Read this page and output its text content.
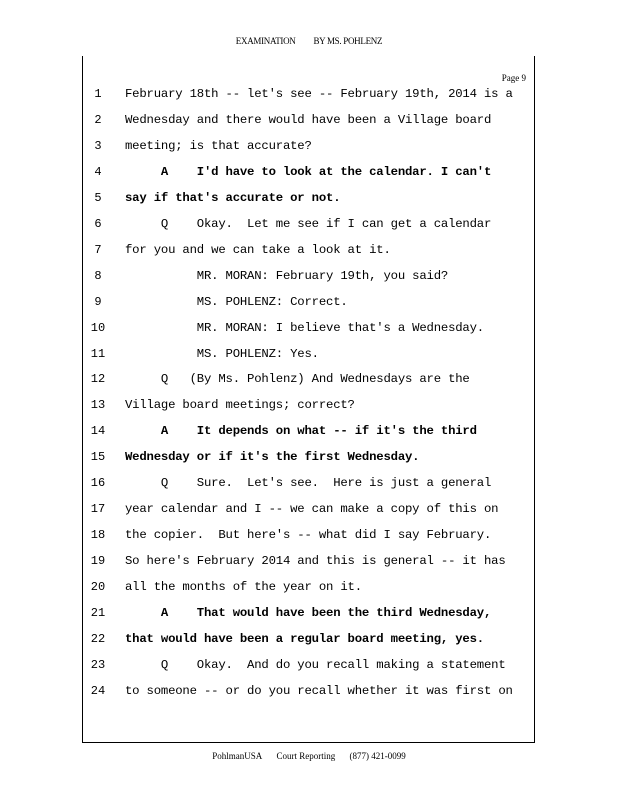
EXAMINATION BY MS. POHLENZ
Page 9
1	February 18th -- let's see -- February 19th, 2014 is a
2	Wednesday and there would have been a Village board
3	meeting; is that accurate?
4	A    I'd have to look at the calendar. I can't
5	say if that's accurate or not.
6	Q    Okay.  Let me see if I can get a calendar
7	for you and we can take a look at it.
8	MR. MORAN: February 19th, you said?
9	MS. POHLENZ: Correct.
10 MR. MORAN: I believe that's a Wednesday.
11 MS. POHLENZ: Yes.
12 Q   (By Ms. Pohlenz) And Wednesdays are the
13 Village board meetings; correct?
14 A    It depends on what -- if it's the third
15 Wednesday or if it's the first Wednesday.
16 Q    Sure.  Let's see.  Here is just a general
17 year calendar and I -- we can make a copy of this on
18 the copier.  But here's -- what did I say February.
19 So here's February 2014 and this is general -- it has
20 all the months of the year on it.
21 A    That would have been the third Wednesday,
22 that would have been a regular board meeting, yes.
23 Q    Okay.  And do you recall making a statement
24 to someone -- or do you recall whether it was first on
PohlmanUSA Court Reporting (877) 421-0099
